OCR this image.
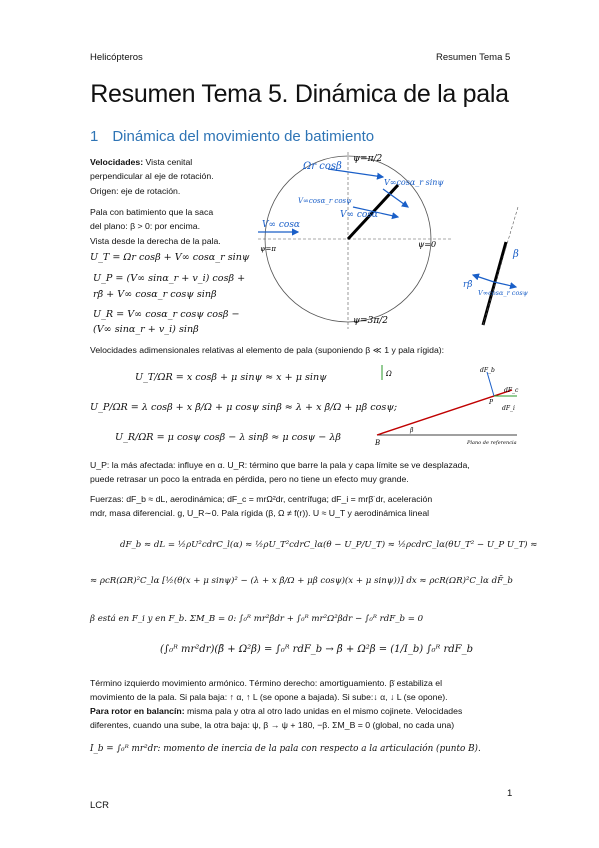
Helicópteros	Resumen Tema 5
Resumen Tema 5. Dinámica de la pala
1 Dinámica del movimiento de batimiento
Velocidades: Vista cenital
perpendicular al eje de rotación.
Origen: eje de rotación.
Pala con batimiento que la saca
del plano: β > 0: por encima.
Vista desde la derecha de la pala.
U_T = Ωr cosβ + V∞ cosα_r sinψ
U_P = (V∞ sinα_r + v_i) cosβ +
rβ̇ + V∞ cosα_r cosψ sinβ
U_R = V∞ cosα_r cosψ cosβ −
(V∞ sinα_r + v_i) sinβ
Ωr cosβ
ψ=π/2
ψ=3π/2
ψ=π	ψ=0
V∞ cosα
V∞cosα_r sinψ
V∞cosα_r cosψ
V∞ cosα
β
rβ̇
V∞cosα_r cosψ
Velocidades adimensionales relativas al elemento de pala (suponiendo β ≪ 1 y pala rígida):
U_T/ΩR = x cosβ + μ sinψ ≈ x + μ sinψ
U_P/ΩR = λ cosβ + x β̇/Ω + μ cosψ sinβ ≈ λ + x β̇/Ω + μβ cosψ;
U_R/ΩR = μ cosψ cosβ − λ sinβ ≈ μ cosψ − λβ
Ω	dF_b
P
dF_c
dF_i
β
B	Plano de referencia
U_P: la más afectada: influye en α. U_R: término que barre la pala y capa límite se ve desplazada,
puede retrasar un poco la entrada en pérdida, pero no tiene un efecto muy grande.
Fuerzas: dF_b ≈ dL, aerodinámica; dF_c = mrΩ²dr, centrífuga; dF_i = mrβ̈ dr, aceleración
mdr, masa diferencial. g, U_R∼0. Pala rígida (β, Ω ≠ f(r)). U ≈ U_T y aerodinámica lineal
dF_b ≈ dL = ½ρU²cdrC_l(α) ≈ ½ρU_T²cdrC_lα(θ − U_P/U_T) ≈ ½ρcdrC_lα(θU_T² − U_P U_T) ≈
≈ ρcR(ΩR)²C_lα [½(θ(x + μ sinψ)² − (λ + x β̇/Ω + μβ cosψ)(x + μ sinψ))] dx ≈ ρcR(ΩR)²C_lα dF̄_b
β está en F_i y en F_b. ΣM_B = 0: ∫₀ᴿ mr²β̈dr + ∫₀ᴿ mr²Ω²βdr − ∫₀ᴿ rdF_b = 0
(∫₀ᴿ mr²dr)(β̈ + Ω²β) = ∫₀ᴿ rdF_b → β̈ + Ω²β = (1/I_b) ∫₀ᴿ rdF_b
Término izquierdo movimiento armónico. Término derecho: amortiguamiento. β̇ estabiliza el
movimiento de la pala. Si pala baja: ↑ α, ↑ L (se opone a bajada). Si sube:↓ α, ↓ L (se opone).
Para rotor en balancín: misma pala y otra al otro lado unidas en el mismo cojinete. Velocidades
diferentes, cuando una sube, la otra baja: ψ, β → ψ + 180, −β. ΣM_B = 0 (global, no cada una)
I_b = ∫₀ᴿ mr²dr: momento de inercia de la pala con respecto a la articulación (punto B).
1
LCR
